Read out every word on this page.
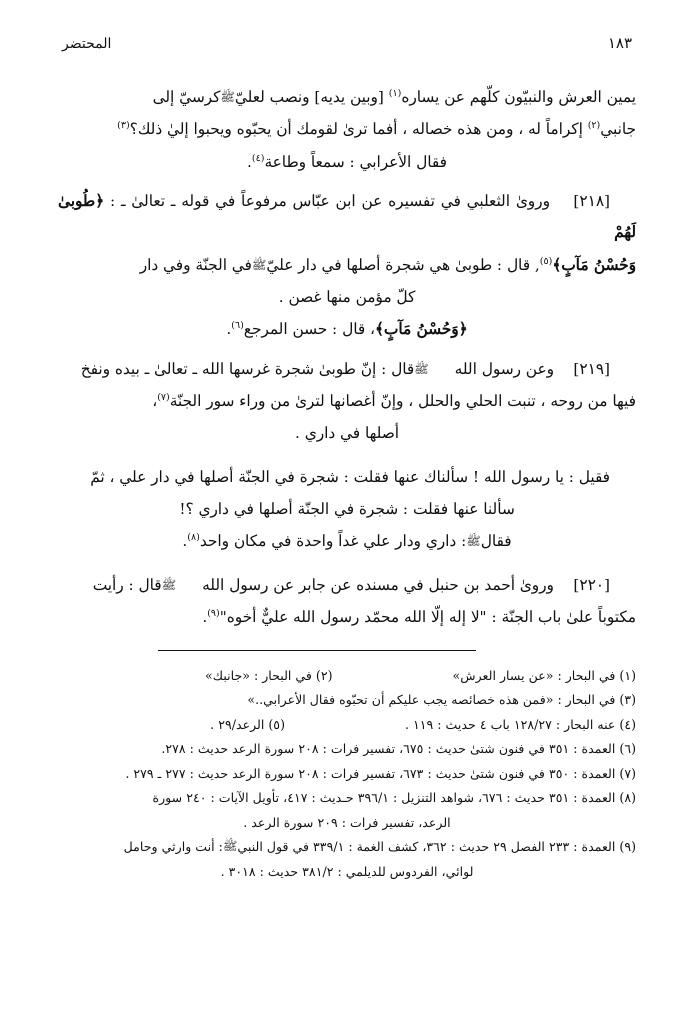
١٨٣
المحتضر

يمين العرش والنبيّون كلّهم عن يساره$^{(١)}$ [وبين يديه] ونصب لعليّﷺكرسيّ إلى

جانبي$^{(٢)}$ إكراماً له ، ومن هذه خصاله ، أفما ترىٰ لقومك أن يحبّوه ويحبوا إليٰ ذلك؟$^{(٣)}$

فقال الأعرابي : سمعاً وطاعة$^{(٤)}$.

[٢١٨]    وروىٰ الثعلبي في تفسيره عن ابن عبّاس مرفوعاً في قوله ـ تعالىٰ ـ : ﴿طُوبىٰ لَهُمْ

وَحُسْنُ مَآبٍ﴾$^{(٥)}$, قال : طوبىٰ هي شجرة أصلها في دار عليّﷺفي الجنّة وفي دار

كلّ مؤمن منها غصن .

﴿وَحُسْنُ مَآبٍ﴾، قال : حسن المرجع$^{(٦)}$.

[٢١٩]    وعن رسول اللهﷺقال : إنّ طوبىٰ شجرة غرسها الله ـ تعالىٰ ـ بيده ونفخ

فيها من روحه ، تنبت الحلي والحلل ، وإنّ أغصانها لترىٰ من وراء سور الجنّة$^{(٧)}$،

أصلها في داري .

فقيل : يا رسول الله ! سألناك عنها فقلت : شجرة في الجنّة أصلها في دار علي ، ثمّ

سألنا عنها فقلت : شجرة في الجنّة أصلها في داري ؟!

فقالﷺ: داري ودار علي غداً واحدة في مكان واحد$^{(٨)}$.

[٢٢٠]    وروىٰ أحمد بن حنبل في مسنده عن جابر عن رسول اللهﷺقال : رأيت

مكتوباً علىٰ باب الجنّة : "لا إله إلّا الله محمّد رسول الله عليٌّ أخوه"$^{(٩)}$.

(١) في البحار : «عن يسار العرش»
(٢) في البحار : «جانبك»
(٣) في البحار : «فمن هذه خصائصه يجب عليكم أن تحبّوه فقال الأعرابي..»
(٤) عنه البحار : ١٢٨/٢٧ باب ٤ حديث : ١١٩ .
(٥) الرعد/٢٩ .
(٦) العمدة : ٣٥١ في فنون شتىٰ حديث : ٦٧٥، تفسير فرات : ٢٠٨ سورة الرعد حديث : ٢٧٨.
(٧) العمدة : ٣٥٠ في فنون شتىٰ حديث : ٦٧٣، تفسير فرات : ٢٠٨ سورة الرعد حديث : ٢٧٧ ـ ٢٧٩ .
(٨) العمدة : ٣٥١ حديث : ٦٧٦، شواهد التنزيل : ٣٩٦/١ حـديث : ٤١٧، تأويل الآيات : ٢٤٠ سورة
الرعد، تفسير فرات : ٢٠٩ سورة الرعد .
(٩) العمدة : ٢٣٣ الفصل ٢٩ حديث : ٣٦٢، كشف الغمة : ٣٣٩/١ في قول النبيﷺ: أنت وارثي وحامل
لوائي، الفردوس للديلمي : ٣٨١/٢ حديث : ٣٠١٨ .
